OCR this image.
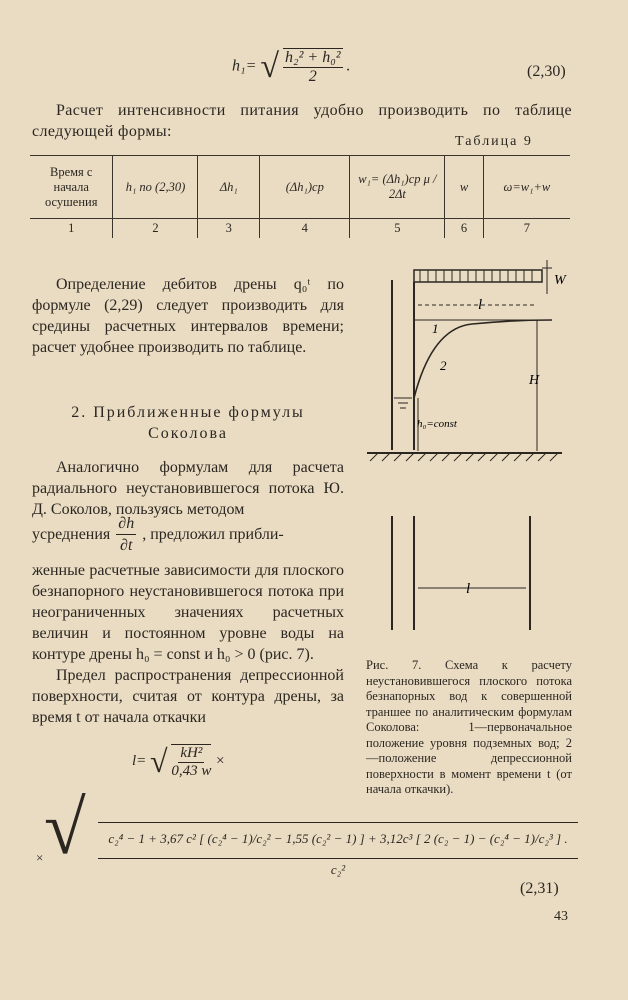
h₁= √ $\frac{\text{h₂² + h₀²}}{2}$ .	(2,30)
Расчет интенсивности питания удобно производить по таблице следующей формы:
Таблица 9
Время с начала осушения	h₁ по (2,30)	Δh₁	(Δh₁)ср	w₁= (Δh₁)ср μ / 2Δt	w	ω=w₁+w
1	2	3	4	5	6	7
Определение дебитов дрены q₀ᵗ по формуле (2,29) следует производить для средины расчетных интервалов времени; расчет удобнее производить по таблице.
2. Приближенные формулы
Соколова
Аналогично формулам для расчета радиального неустановившегося потока Ю. Д. Соколов, пользуясь методом
усреднения $\frac{\partial h}{\partial t}$ , предложил прибли-
женные расчетные зависимости для плоского безнапорного неустановившегося потока при неограниченных значениях расчетных величин и постоянном уровне воды на контуре дрены h₀ = const и h₀ > 0 (рис. 7).
Предел распространения депрессионной поверхности, считая от контура дрены, за время t от начала откачки
l= √ $\frac{\text{kH²}}{0,43 w}$ ×
W
l
1
2
H
h₀=const
l
Рис. 7. Схема к расчету неустановившегося плоского потока безнапорных вод к совершенной траншее по аналитическим формулам Соколова: 1—первоначальное положение уровня подземных вод; 2—положение депрессионной поверхности в момент времени t (от начала откачки).
× √	c₂⁴ − 1 + 3,67 c² [ (c₂⁴ − 1)/c₂² − 1,55 (c₂² − 1) ] + 3,12c³ [ 2 (c₂ − 1) − (c₂⁴ − 1)/c₂³ ] .
c₂²
(2,31)
43
